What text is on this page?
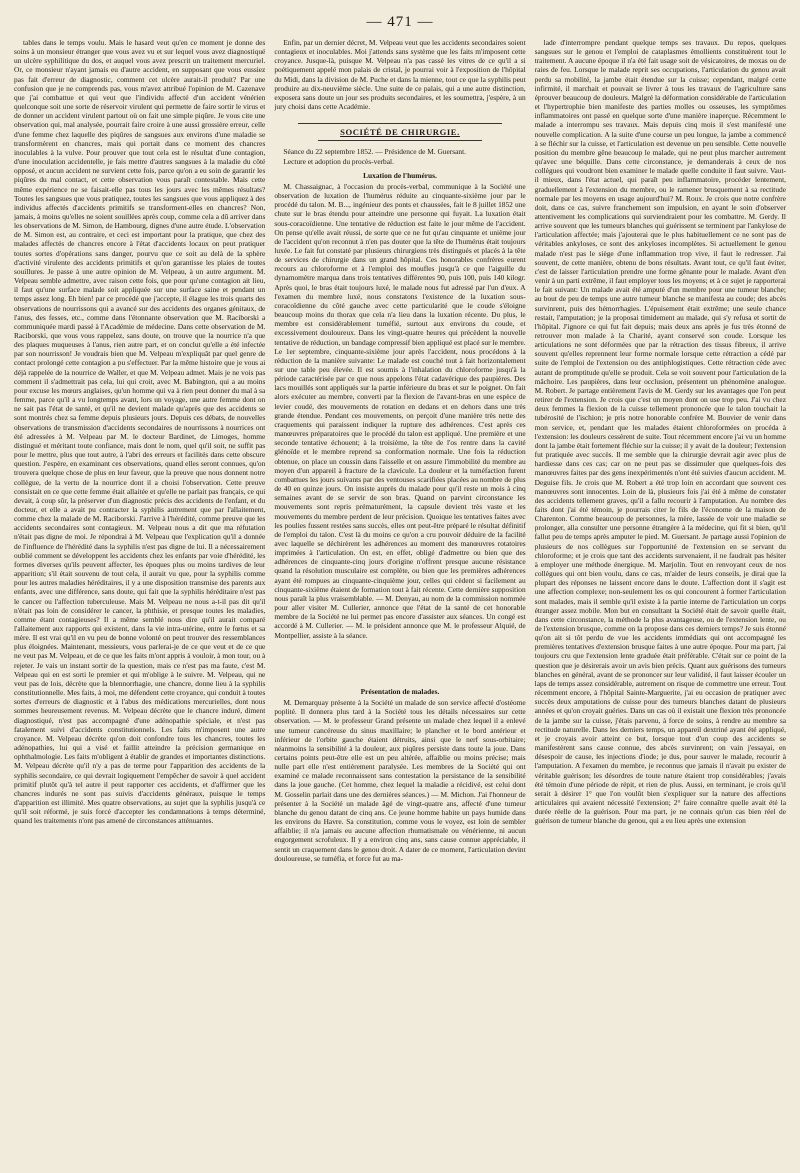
— 471 —

tables dans le temps voulu. Mais le hasard veut qu'en ce moment je donne des soins à un monsieur étranger que vous avez vu et sur lequel vous avez diagnostiqué un ulcère syphilitique du dos, et auquel vous avez prescrit un traitement mercuriel. Or, ce monsieur n'ayant jamais eu d'autre accident, en supposant que vous eussiez pas fait d'erreur de diagnostic, comment cet ulcère aurait-il produit? Par une confusion que je ne comprends pas, vous m'avez attribué l'opinion de M. Cazenave que j'ai combattue et qui veut que l'individu affecté d'un accident vénérien quelconque soit une sorte de réservoir virulent qui permette de faire sortir le virus et de donner un accident virulent partout où on fait une simple piqûre. Je vous cite une observation qui, mal analysée, pourrait faire croire à une aussi grossière erreur, celle d'une femme chez laquelle des piqûres de sangsues aux environs d'une maladie se transformèrent en chancres, mais qui portait dans ce moment des chancres inoculables à la vulve. Pour prouver que tout cela est le résultat d'une contagion, d'une inoculation accidentelle, je fais mettre d'autres sangsues à la maladie du côté opposé, et aucun accident ne survient cette fois, parce qu'on a eu soin de garantir les piqûres du mal contact, et cette observation vous paraît contestable. Mais cette même expérience ne se faisait-elle pas tous les jours avec les mêmes résultats? Toutes les sangsues que vous pratiquez, toutes les sangsues que vous appliquez à des individus affectés d'accidents primitifs se transforment-elles en chancres? Non, jamais, à moins qu'elles ne soient souillées après coup, comme cela a dû arriver dans les observations de M. Simon, de Hambourg, dignes d'une autre étude. L'observation de M. Simon est, au contraire, et ceci est important pour la pratique, que chez des malades affectés de chancres encore à l'état d'accidents locaux on peut pratiquer toutes sortes d'opérations sans danger, pourvu que ce soit au delà de la sphère d'activité virulente des accidents primitifs et qu'on garantisse les plaies de toutes souillures. Je passe à une autre opinion de M. Velpeau, à un autre argument. M. Velpeau semble admettre, avec raison cette fois, que pour qu'une contagion ait lieu, il faut qu'une surface malade soit appliquée sur une surface saine et pendant un temps assez long. Eh bien! par ce procédé que j'accepte, il élague les trois quarts des observations de nourrissons qui a avancé sur des accidents des organes génitaux, de l'anus, des fesses, etc., comme dans l'étonnante observation que M. Raciborski a communiquée mardi passé à l'Académie de médecine. Dans cette observation de M. Raciborski, que vous vous rappelez, sans doute, on trouve que la nourrice n'a que des plaques muqueuses à l'anus, rien autre part, et on conclut qu'elle a été infectée par son nourrisson! Je voudrais bien que M. Velpeau m'expliquât par quel genre de contact prolongé cette contagion a pu s'effectuer. Par la même histoire que je vous ai déjà rappelée de la nourrice de Waller, et que M. Velpeau admet. Mais je ne vois pas comment il s'admettrait pas cela, lui qui croit, avec M. Babington, qui a au moins pour excuse les mœurs anglaises, qu'un homme qui va à rien peut donner du mal à sa femme, parce qu'il a vu longtemps avant, lors un voyage, une autre femme dont on ne sait pas l'état de santé, et qu'il ne devient malade qu'après que des accidents se sont montrés chez sa femme depuis plusieurs jours. Depuis ces débats, de nouvelles observations de transmission d'accidents secondaires de nourrissons à nourrices ont été adressées à M. Velpeau par M. le docteur Bardinet, de Limoges, homme distingué et méritant toute confiance, mais dont le nom, quel qu'il soit, ne suffit pas pour le mettre, plus que tout autre, à l'abri des erreurs et facilités dans cette obscure question. J'espère, en examinant ces observations, quand elles seront connues, qu'on trouvera quelque chose de plus en leur faveur, que la preuve que nous donnent notre collègue, de la vertu de la nourrice dont il a choisi l'observation. Cette preuve consistait en ce que cette femme était allaitée et qu'elle ne parlait pas français, ce qui devait, à coup sûr, la préserver d'un diagnostic précis des accidents de l'enfant, et du docteur, et elle a avait pu contracter la syphilis autrement que par l'allaitement, comme chez la malade de M. Raciborski. J'arrive à l'hérédité, comme preuve que les accidents secondaires sont contagieux. M. Velpeau nous a dit que ma réfutation n'était pas digne de moi. Je répondrai à M. Velpeau que l'explication qu'il a donnée de l'influence de l'hérédité dans la syphilis n'est pas digne de lui. Il a nécessairement oublié comment se développent les accidents chez les enfants par voie d'hérédité, les formes diverses qu'ils peuvent affecter, les époques plus ou moins tardives de leur apparition; s'il était souvenu de tout cela, il aurait vu que, pour la syphilis comme pour les autres maladies héréditaires, il y a une disposition transmise des parents aux enfants, avec une différence, sans doute, qui fait que la syphilis héréditaire n'est pas le cancer ou l'affection tuberculeuse. Mais M. Velpeau ne nous a-t-il pas dit qu'il n'était pas loin de considérer le cancer, la phthisie, et presque toutes les maladies, comme étant contagieuses? Il a même semblé nous dire qu'il aurait comparé l'allaitement aux rapports qui existent, dans la vie intra-utérine, entre le fœtus et sa mère. Il est vrai qu'il en vu peu de bonne volonté on peut trouver des ressemblances plus éloignées. Maintenant, messieurs, vous parlerai-je de ce que veut et de ce que ne veut pas M. Velpeau, et de ce que les faits m'ont appris à vouloir, à mon tour, ou à rejeter. Je vais un instant sortir de la question, mais ce n'est pas ma faute, c'est M. Velpeau qui en est sorti le premier et qui m'oblige à le suivre. M. Velpeau, qui ne veut pas de lois, décrète que la blennorrhagie, une chancre, donne lieu à la syphilis constitutionnelle. Mes faits, à moi, me défendent cette croyance, qui conduit à toutes sortes d'erreurs de diagnostic et à l'abus des médications mercurielles, dont nous sommes heureusement revenus. M. Velpeau décrète que le chancre induré, diment diagnostiqué, n'est pas accompagné d'une adénopathie spéciale, et n'est pas fatalement suivi d'accidents constitutionnels. Les faits m'imposent une autre croyance. M. Velpeau décrète qu'on doit confondre tous les chancres, toutes les adénopathies, lui qui a visé et faillit atteindre la précision germanique en ophthalmologie. Les faits m'obligent à établir de grandes et importantes distinctions. M. Velpeau décrète qu'il n'y a pas de terme pour l'apparition des accidents de la syphilis secondaire, ce qui devrait logiquement l'empêcher de savoir à quel accident primitif plutôt qu'à tel autre il peut rapporter ces accidents, et d'affirmer que les chancres indurés ne sont pas suivis d'accidents généraux, puisque le temps d'apparition est illimité. Mes quatre observations, au sujet que la syphilis jusqu'à ce qu'il soit réformé, je suis forcé d'accepter les condamnations à temps déterminé, quand les traitements n'ont pas amené de circonstances atténuantes.

Enfin, par un dernier décret, M. Velpeau veut que les accidents secondaires soient contagieux et inoculables. Moi j'attends sans système que les faits m'imposent cette croyance. Jusque-là, puisque M. Velpeau n'a pas cassé les vitres de ce qu'il a si poétiquement appelé mon palais de cristal, je pourrai voir à l'exposition de l'hôpital du Midi, dans la division de M. Puche et dans la mienne, tout ce que la syphilis peut produire au dix-neuvième siècle. Une suite de ce palais, qui a une autre distinction, exposera sans doute un jour ses produits secondaires, et les soumettra, j'espère, à un jury choisi dans cette Académie.

SOCIÉTÉ DE CHIRURGIE.

Séance du 22 septembre 1852. — Présidence de M. Guersant.

Lecture et adoption du procès-verbal.

Luxation de l'humérus.

M. Chassaignac, à l'occasion du procès-verbal, communique à la Société une observation de luxation de l'humérus réduite au cinquante-sixième jour par le procédé du talon. M. B..., ingénieur des ponts et chaussées, fait le 8 juillet 1852 une chute sur le bras étendu pour atteindre une personne qui fuyait. La luxation était sous-coracoïdienne. Une tentative de réduction est faite le jour même de l'accident. On pense qu'elle avait réussi, de sorte que ce ne fut qu'au cinquante et unième jour de l'accident qu'on reconnut à n'en pas douter que la tête de l'humérus était toujours luxée. Le fait fut constaté par plusieurs chirurgiens très distingués et placés à la tête de services de chirurgie dans un grand hôpital. Ces honorables confrères eurent recours au chloroforme et à l'emploi des moufles jusqu'à ce que l'aiguille du dynamomètre marqua dans trois tentatives différentes 90, puis 100, puis 140 kilogr. Après quoi, le bras était toujours luxé, le malade nous fut adressé par l'un d'eux. A l'examen du membre luxé, nous constatons l'existence de la luxation sous-coracoïdienne du côté gauche avec cette particularité que le coude s'éloigne beaucoup moins du thorax que cela n'a lieu dans la luxation récente. Du plus, le membre est considérablement tuméfié, surtout aux environs du coude, et excessivement douloureux. Dans les vingt-quatre heures qui précèdent la nouvelle tentative de réduction, un bandage compressif bien appliqué est placé sur le membre. Le 1er septembre, cinquante-sixième jour après l'accident, nous procédons à la réduction de la manière suivante: Le malade est couché tout à fait horizontalement sur une table peu élevée. Il est soumis à l'inhalation du chloroforme jusqu'à la période caractérisée par ce que nous appelons l'état cadavérique des paupières. Des lacs mouillés sont appliqués sur la partie inférieure du bras et sur le poignet. On fait alors exécuter au membre, converti par la flexion de l'avant-bras en une espèce de levier coudé, des mouvements de rotation en dedans et en dehors dans une très grande étendue. Pendant ces mouvements, on perçoit d'une manière très nette des craquements qui paraissent indiquer la rupture des adhérences. C'est après ces manœuvres préparatoires que le procédé du talon est appliqué. Une première et une seconde tentative échouent; à la troisième, la tête de l'os rentre dans la cavité glénoïde et le membre reprend sa conformation normale. Une fois la réduction obtenue, on place un coussin dans l'aisselle et on assure l'immobilité du membre au moyen d'un appareil à fracture de la clavicule. La douleur et la tuméfaction furent combattues les jours suivants par des ventouses scarifiées placées au nombre de plus de 40 en quinze jours. On insiste auprès du malade pour qu'il reste un mois à cinq semaines avant de se servir de son bras. Quand on parvint circonstance les mouvements sont repris prématurément, la capsule devient très vaste et les mouvements du membre perdent de leur précision. Quoique les tentatives faites avec les poulies fussent restées sans succès, elles ont peut-être préparé le résultat définitif de l'emploi du talon. C'est là du moins ce qu'on a cru pouvoir déduire de la facilité avec laquelle se déchirèrent les adhérences au moment des manœuvres rotatoires imprimées à l'articulation. On est, en effet, obligé d'admettre ou bien que des adhérences de cinquante-cinq jours d'origine n'offrent presque aucune résistance quand la résolution musculaire est complète, ou bien que les premières adhérences ayant été rompues au cinquante-cinquième jour, celles qui cèdent si facilement au cinquante-sixième étaient de formation tout à fait récente. Cette dernière supposition nous paraît la plus vraisemblable. — M. Denyau, au nom de la commission nommée pour aller visiter M. Cullerier, annonce que l'état de la santé de cet honorable membre de la Société ne lui permet pas encore d'assister aux séances. Un congé est accordé à M. Cullerier. — M. le président annonce que M. le professeur Alquié, de Montpellier, assiste à la séance.

Présentation de malades.

M. Demarquay présente à la Société un malade de son service affecté d'ostéome poplité. Il donnera plus tard à la Société tous les détails nécessaires sur cette observation. — M. le professeur Grand présente un malade chez lequel il a enlevé une tumeur cancéreuse du sinus maxillaire; le plancher et le bord antérieur et inférieur de l'orbite gauche étaient détruits, ainsi que le nerf sous-orbitaire; néanmoins la sensibilité à la douleur, aux piqûres persiste dans toute la joue. Dans certains points peut-être elle est un peu altérée, affaiblie ou moins précise; mais nulle part elle n'est entièrement paralysée. Les membres de la Société qui ont examiné ce malade reconnaissent sans contestation la persistance de la sensibilité dans la joue gauche. (Cet homme, chez lequel la maladie a récidivé, est celui dont M. Gosselin parlait dans une des dernières séances.) — M. Michon. J'ai l'honneur de présenter à la Société un malade âgé de vingt-quatre ans, affecté d'une tumeur blanche du genou datant de cinq ans. Ce jeune homme habite un pays humide dans les environs du Havre. Sa constitution, comme vous le voyez, est loin de sembler affaiblie; il n'a jamais eu aucune affection rhumatismale ou vénérienne, ni aucun engorgement scrofuleux. Il y a environ cinq ans, sans cause connue appréciable, il sentit un craquement dans le genou droit. A dater de ce moment, l'articulation devint douloureuse, se tuméfia, et force fut au ma-

lade d'interrompre pendant quelque temps ses travaux. Du repos, quelques sangsues sur le genou et l'emploi de cataplasmes émollients constituèrent tout le traitement. A aucune époque il n'a été fait usage soit de vésicatoires, de moxas ou de raies de feu. Lorsque le malade reprit ses occupations, l'articulation du genou avait perdu sa mobilité, la jambe était étendue sur la cuisse; cependant, malgré cette infirmité, il marchait et pouvait se livrer à tous les travaux de l'agriculture sans éprouver beaucoup de douleurs. Malgré la déformation considérable de l'articulation et l'hypertrophie bien manifeste des parties molles ou osseuses, les symptômes inflammatoires ont passé en quelque sorte d'une manière inaperçue. Récemment le malade a interrompu ses travaux. Mais depuis cinq mois il s'est manifesté une nouvelle complication. A la suite d'une course un peu longue, la jambe a commencé à se fléchir sur la cuisse, et l'articulation est devenue un peu sensible. Cette nouvelle position du membre gêne beaucoup le malade, qui ne peut plus marcher autrement qu'avec une béquille. Dans cette circonstance, je demanderais à ceux de nos collègues qui voudront bien examiner le malade quelle conduite il faut suivre. Vaut-il mieux, dans l'état actuel, qui paraît peu inflammatoire, procéder lentement, graduellement à l'extension du membre, ou le ramener brusquement à sa rectitude normale par les moyens en usage aujourd'hui? M. Roux. Je crois que notre confrère doit, dans ce cas, suivre franchement son impulsion, en ayant le soin d'observer attentivement les complications qui surviendraient pour les combattre. M. Gerdy. Il arrive souvent que les tumeurs blanches qui guérissent se terminent par l'ankylose de l'articulation affectée; mais j'ajouterai que le plus habituellement ce ne sont pas de véritables ankyloses, ce sont des ankyloses incomplètes. Si actuellement le genou malade n'est pas le siège d'une inflammation trop vive, il faut le redresser. J'ai souvent, de cette manière, obtenu de bons résultats. Avant tout, ce qu'il faut éviter, c'est de laisser l'articulation prendre une forme gênante pour le malade. Avant d'en venir à un parti extrême, il faut employer tous les moyens; et à ce sujet je rapporterai le fait suivant: Un malade avait été amputé d'un membre pour une tumeur blanche; au bout de peu de temps une autre tumeur blanche se manifesta au coude; des abcès survinrent, puis des hémorrhagies. L'épuisement était extrême; une seule chance restait, l'amputation; je la proposai timidement au malade, qui s'y refusa et sortit de l'hôpital. J'ignore ce qui fut fait depuis; mais deux ans après je fus très étonné de retrouver mon malade à la Charité, ayant conservé son coude. Lorsque les articulations ne sont déformées que par la rétraction des tissus fibreux, il arrive souvent qu'elles reprennent leur forme normale lorsque cette rétraction a cédé par suite de l'emploi de l'extension ou des antiphlogistiques. Cette rétraction cède avec autant de promptitude qu'elle se produit. Cela se voit souvent pour l'articulation de la mâchoire. Les paupières, dans leur occlusion, présentent un phénomène analogue. M. Robert. Je partage entièrement l'avis de M. Gerdy sur les avantages que l'on peut retirer de l'extension. Je crois que c'est un moyen dont on use trop peu. J'ai vu chez deux femmes la flexion de la cuisse tellement prononcée que le talon touchait la tubérosité de l'ischion; je pris notre honorable confrère M. Bouvier de venir dans mon service, et, pendant que les malades étaient chloroformées on procéda à l'extension: les douleurs cessèrent de suite. Tout récemment encore j'ai vu un homme dont la jambe était fortement fléchie sur la cuisse; il y avait de la douleur; l'extension fut pratiquée avec succès. Il me semble que la chirurgie devrait agir avec plus de hardiesse dans ces cas; car on ne peut pas se dissimuler que quelques-fois des manœuvres faites par des gens inexpérimentés n'ont été suivies d'aucun accident. M. Deguise fils. Je crois que M. Robert a été trop loin en accordant que souvent ces manœuvres sont innocentes. Loin de là, plusieurs fois j'ai été à même de constater des accidents tellement graves, qu'il a fallu recourir à l'amputation. Au nombre des faits dont j'ai été témoin, je pourrais citer le fils de l'économe de la maison de Charenton. Comme beaucoup de personnes, la mère, lassée de voir une maladie se prolonger, alla consulter une personne étrangère à la médecine, qui fit si bien, qu'il fallut peu de temps après amputer le pied. M. Guersant. Je partage aussi l'opinion de plusieurs de nos collègues sur l'opportunité de l'extension en se servant du chloroforme; et je crois que tant des accidents survenaient, il ne faudrait pas hésiter à employer une méthode énergique. M. Marjolin. Tout en renvoyant ceux de nos collègues qui ont bien voulu, dans ce cas, m'aider de leurs conseils, je dirai que la plupart des réponses ne laissent encore dans le doute. L'affection dont il s'agit est une affection complexe; non-seulement les os qui concourent à former l'articulation sont malades, mais il semble qu'il existe à la partie interne de l'articulation un corps étranger assez mobile. Mon but en consultant la Société était de savoir quelle était, dans cette circonstance, la méthode la plus avantageuse, ou de l'extension lente, ou de l'extension brusque, comme on la propose dans ces derniers temps? Je suis étonné qu'on ait si tôt perdu de vue les accidents immédiats qui ont accompagné les premières tentatives d'extension brusque faites à une autre époque. Pour ma part, j'ai toujours cru que l'extension lente graduée était préférable. C'était sur ce point de la question que je désirerais avoir un avis bien précis. Quant aux guérisons des tumeurs blanches en général, avant de se prononcer sur leur validité, il faut laisser écouler un laps de temps assez considérable, autrement on risque de commettre une erreur. Tout récemment encore, à l'hôpital Sainte-Marguerite, j'ai eu occasion de pratiquer avec succès deux amputations de cuisse pour des tumeurs blanches datant de plusieurs années et qu'on croyait guéries. Dans un cas où il existait une flexion très prononcée de la jambe sur la cuisse, j'étais parvenu, à force de soins, à rendre au membre sa rectitude naturelle. Dans les derniers temps, un appareil dextriné ayant été appliqué, et je croyais avoir atteint ce but, lorsque tout d'un coup des accidents se manifestèrent sans cause connue, des abcès survinrent; on vain j'essayai, en désespoir de cause, les injections d'iode; je dus, pour sauver le malade, recourir à l'amputation. A l'examen du membre, je reconnus que jamais il n'avait pu exister de véritable guérison; les désordres de toute nature étaient trop considérables; j'avais été témoin d'une période de répit, et rien de plus. Aussi, en terminant, je crois qu'il serait à désirer 1° que l'on voulût bien s'expliquer sur la nature des affections articulaires qui avaient nécessité l'extension; 2° faire connaître quelle avait été la durée réelle de la guérison. Pour ma part, je ne connais qu'un cas bien réel de guérison de tumeur blanche du genou, qui a eu lieu après une extension
